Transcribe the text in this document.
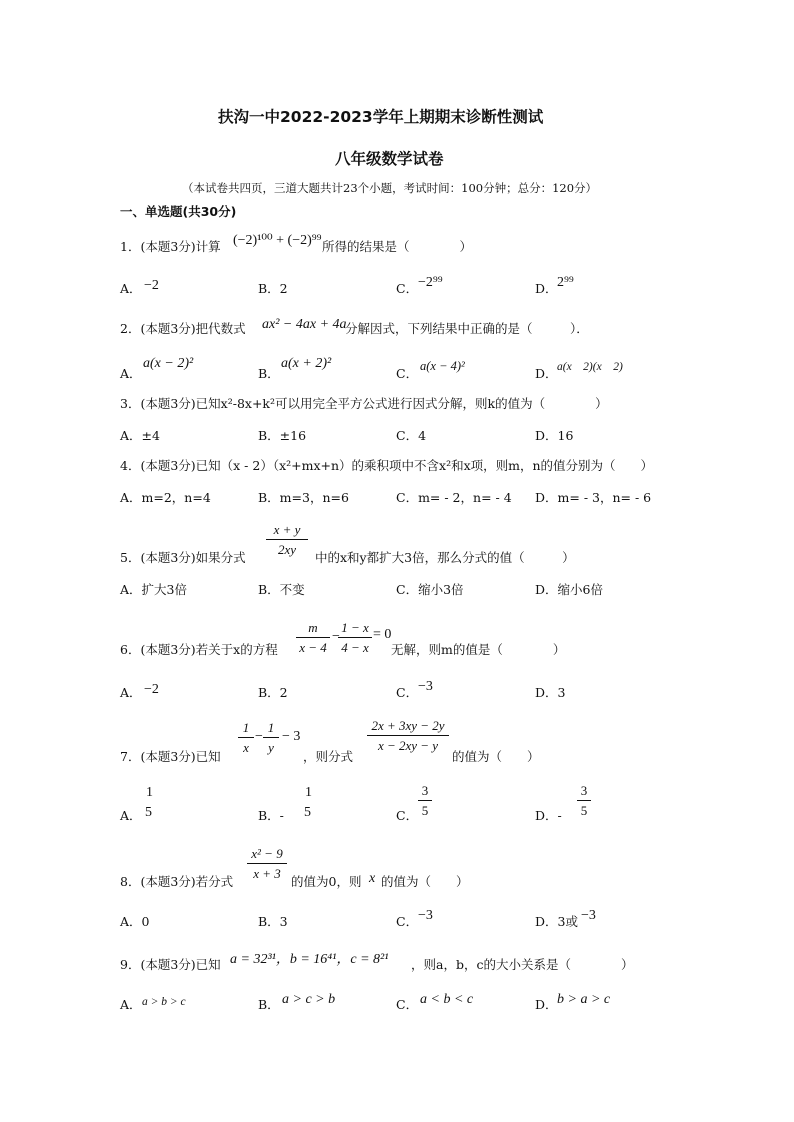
扶沟一中2022-2023学年上期期末诊断性测试
八年级数学试卷
（本试卷共四页，三道大题共计23个小题，考试时间：100分钟；总分：120分）
一、单选题(共30分)
1．(本题3分)计算 (−2)¹⁰⁰ + (−2)⁹⁹ 所得的结果是（　　　　）
A． −2	B．2	C． −2⁹⁹	D． 2⁹⁹
2．(本题3分)把代数式 ax² − 4ax + 4a
分解因式，下列结果中正确的是（　　　）．
A．
a(x − 2)²
B．
a(x + 2)²
C． a(x − 4)²	D． a(x　2)(x　2)
3．(本题3分)已知x²-8x+k²可以用完全平方公式进行因式分解，则k的值为（　　　　）
A．±4	B．±16	C．4	D．16
4．(本题3分)已知（x - 2）（x²+mx+n）的乘积项中不含x²和x项，则m，n的值分别为（　　）
A．m=2，n=4	B．m=3，n=6	C．m= - 2，n= - 4 D．m= - 3，n= - 6
5．(本题3分)如果分式 $\frac{x + y}{2xy}$ 中的x和y都扩大3倍，那么分式的值（　　　）
A．扩大3倍	B．不变	C．缩小3倍	D．缩小6倍
6．(本题3分)若关于x的方程 $\frac{m}{x - 4}$ −
$\frac{1 - x}{4 - x} = 0$
无解，则m的值是（　　　　）
A． −2	B．2	C． −3	D．3
7．(本题3分)已知
$\frac{1}{x} - \frac{1}{y} - 3$
，则分式
$\frac{2x + 3xy - 2y}{x - 2xy - y}$
的值为（　　）
A．
1
5	B．-
1
5	C． $\frac{3}{5}$	D．- $\frac{3}{5}$
8．(本题3分)若分式 $\frac{\text{x² − 9}}{x + 3}$ 的值为0，则 x 的值为（　　）
A．0	B．3	C． −3	D．3或 −3
9．(本题3分)已知 a = 32³¹，b = 16⁴¹，c = 8²¹ ，则a，b，c的大小关系是（　　　　）
A． a > b > c	B． a > c > b	C． a < b < c	D． b > a > c
